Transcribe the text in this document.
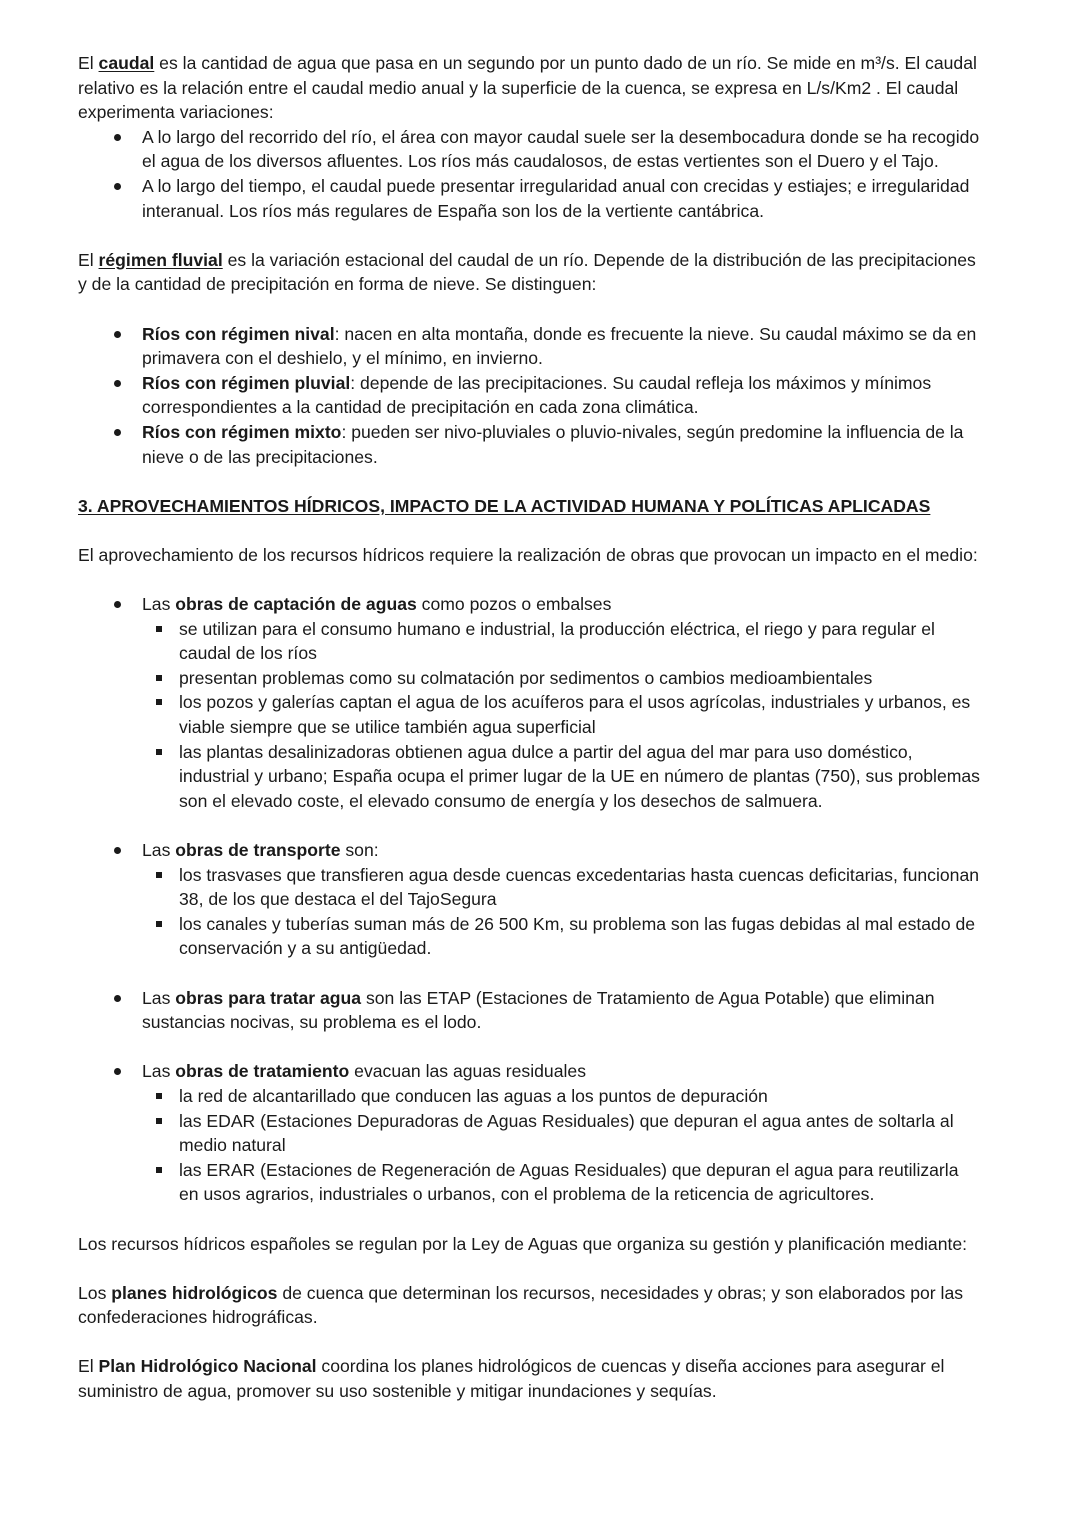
El caudal es la cantidad de agua que pasa en un segundo por un punto dado de un río. Se mide en m³/s. El caudal relativo es la relación entre el caudal medio anual y la superficie de la cuenca, se expresa en L/s/Km2 . El caudal experimenta variaciones:

A lo largo del recorrido del río, el área con mayor caudal suele ser la desembocadura donde se ha recogido el agua de los diversos afluentes. Los ríos más caudalosos, de estas vertientes son el Duero y el Tajo.
A lo largo del tiempo, el caudal puede presentar irregularidad anual con crecidas y estiajes; e irregularidad interanual. Los ríos más regulares de España son los de la vertiente cantábrica.

El régimen fluvial es la variación estacional del caudal de un río. Depende de la distribución de las precipitaciones y de la cantidad de precipitación en forma de nieve. Se distinguen:

Ríos con régimen nival: nacen en alta montaña, donde es frecuente la nieve. Su caudal máximo se da en primavera con el deshielo, y el mínimo, en invierno.
Ríos con régimen pluvial: depende de las precipitaciones. Su caudal refleja los máximos y mínimos correspondientes a la cantidad de precipitación en cada zona climática.
Ríos con régimen mixto: pueden ser nivo-pluviales o pluvio-nivales, según predomine la influencia de la nieve o de las precipitaciones.

3. APROVECHAMIENTOS HÍDRICOS, IMPACTO DE LA ACTIVIDAD HUMANA Y POLÍTICAS APLICADAS

El aprovechamiento de los recursos hídricos requiere la realización de obras que provocan un impacto en el medio:

Las obras de captación de aguas como pozos o embalses
se utilizan para el consumo humano e industrial, la producción eléctrica, el riego y para regular el caudal de los ríos
presentan problemas como su colmatación por sedimentos o cambios medioambientales
los pozos y galerías captan el agua de los acuíferos para el usos agrícolas, industriales y urbanos, es viable siempre que se utilice también agua superficial
las plantas desalinizadoras obtienen agua dulce a partir del agua del mar para uso doméstico, industrial y urbano; España ocupa el primer lugar de la UE en número de plantas (750), sus problemas son el elevado coste, el elevado consumo de energía y los desechos de salmuera.
Las obras de transporte son:
los trasvases que transfieren agua desde cuencas excedentarias hasta cuencas deficitarias, funcionan 38, de los que destaca el del TajoSegura
los canales y tuberías suman más de 26 500 Km, su problema son las fugas debidas al mal estado de conservación y a su antigüedad.
Las obras para tratar agua son las ETAP (Estaciones de Tratamiento de Agua Potable) que eliminan sustancias nocivas, su problema es el lodo.
Las obras de tratamiento evacuan las aguas residuales
la red de alcantarillado que conducen las aguas a los puntos de depuración
las EDAR (Estaciones Depuradoras de Aguas Residuales) que depuran el agua antes de soltarla al medio natural
las ERAR (Estaciones de Regeneración de Aguas Residuales) que depuran el agua para reutilizarla en usos agrarios, industriales o urbanos, con el problema de la reticencia de agricultores.

Los recursos hídricos españoles se regulan por la Ley de Aguas que organiza su gestión y planificación mediante:

Los planes hidrológicos de cuenca que determinan los recursos, necesidades y obras; y son elaborados por las confederaciones hidrográficas.

El Plan Hidrológico Nacional coordina los planes hidrológicos de cuencas y diseña acciones para asegurar el suministro de agua, promover su uso sostenible y mitigar inundaciones y sequías.
